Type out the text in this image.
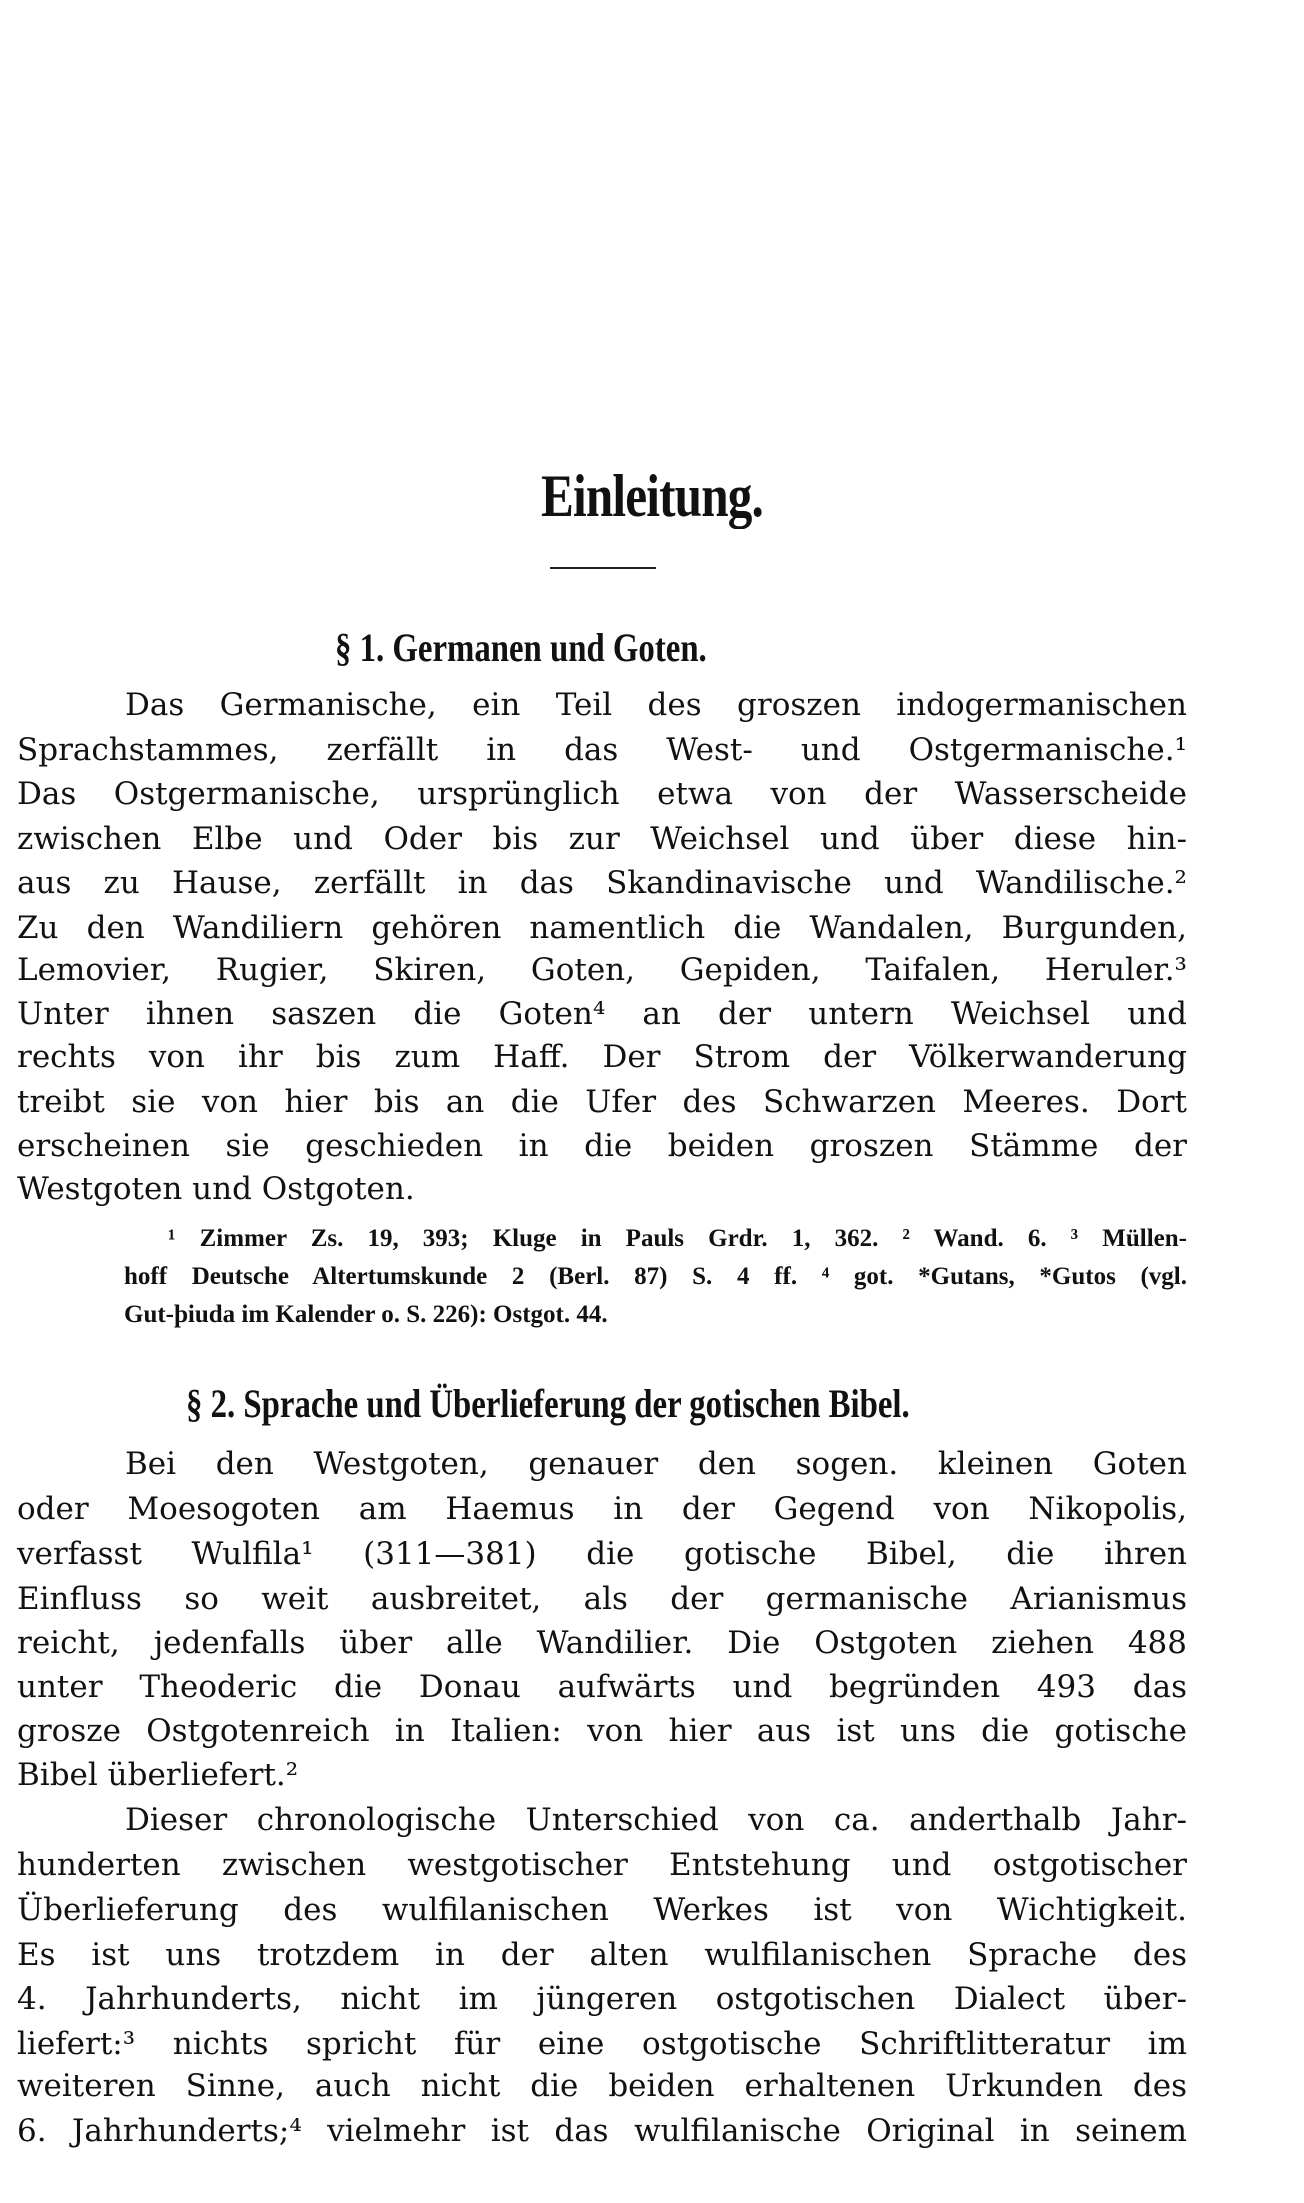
Einleitung.
§ 1. Germanen und Goten.
Das Germanische, ein Teil des groszen indogermanischen
Sprachstammes, zerfällt in das West- und Ostgermanische.¹
Das Ostgermanische, ursprünglich etwa von der Wasserscheide
zwischen Elbe und Oder bis zur Weichsel und über diese hin-
aus zu Hause, zerfällt in das Skandinavische und Wandilische.²
Zu den Wandiliern gehören namentlich die Wandalen, Burgunden,
Lemovier, Rugier, Skiren, Goten, Gepiden, Taifalen, Heruler.³
Unter ihnen saszen die Goten⁴ an der untern Weichsel und
rechts von ihr bis zum Haff. Der Strom der Völkerwanderung
treibt sie von hier bis an die Ufer des Schwarzen Meeres. Dort
erscheinen sie geschieden in die beiden groszen Stämme der
Westgoten und Ostgoten.
¹ Zimmer Zs. 19, 393; Kluge in Pauls Grdr. 1, 362. ² Wand. 6. ³ Müllen-
hoff Deutsche Altertumskunde 2 (Berl. 87) S. 4 ff. ⁴ got. *Gutans, *Gutos (vgl.
Gut-þiuda im Kalender o. S. 226): Ostgot. 44.
§ 2. Sprache und Überlieferung der gotischen Bibel.
Bei den Westgoten, genauer den sogen. kleinen Goten
oder Moesogoten am Haemus in der Gegend von Nikopolis,
verfasst Wulfila¹ (311—381) die gotische Bibel, die ihren
Einfluss so weit ausbreitet, als der germanische Arianismus
reicht, jedenfalls über alle Wandilier. Die Ostgoten ziehen 488
unter Theoderic die Donau aufwärts und begründen 493 das
grosze Ostgotenreich in Italien: von hier aus ist uns die gotische
Bibel überliefert.²
Dieser chronologische Unterschied von ca. anderthalb Jahr-
hunderten zwischen westgotischer Entstehung und ostgotischer
Überlieferung des wulfilanischen Werkes ist von Wichtigkeit.
Es ist uns trotzdem in der alten wulfilanischen Sprache des
4. Jahrhunderts, nicht im jüngeren ostgotischen Dialect über-
liefert:³ nichts spricht für eine ostgotische Schriftlitteratur im
weiteren Sinne, auch nicht die beiden erhaltenen Urkunden des
6. Jahrhunderts;⁴ vielmehr ist das wulfilanische Original in seinem
